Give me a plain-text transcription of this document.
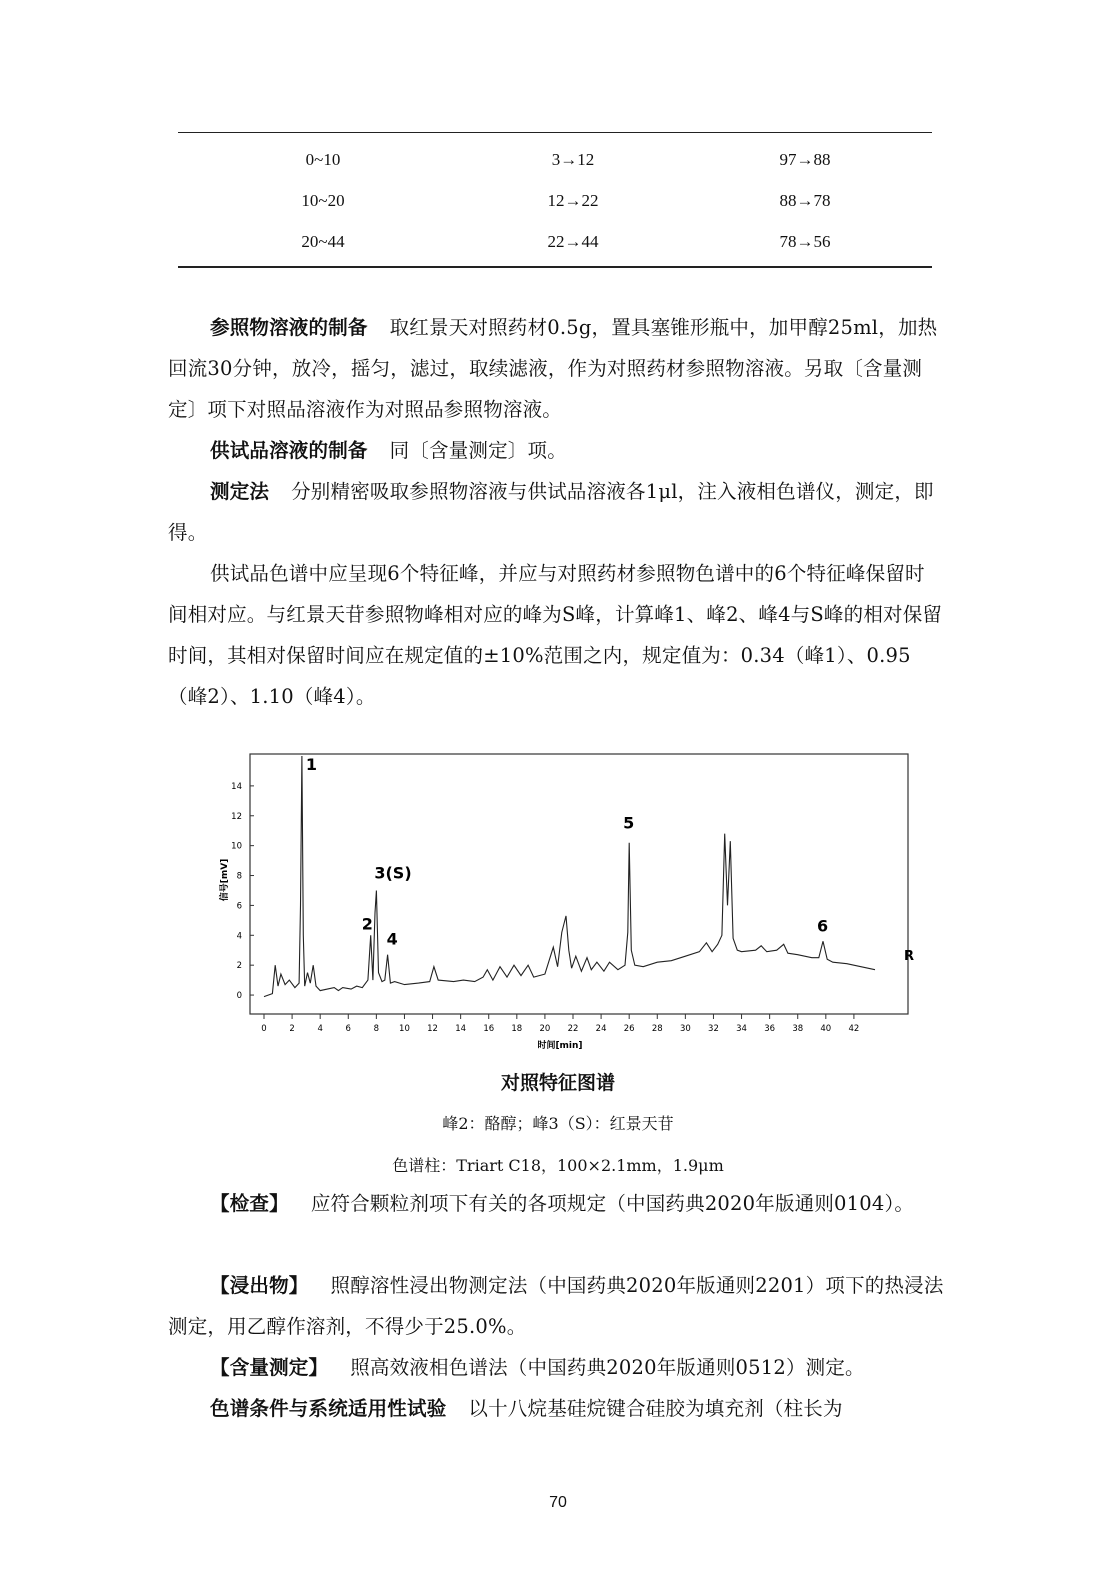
0~10	3→12	97→88
10~20	12→22	88→78
20~44	22→44	78→56

参照物溶液的制备 取红景天对照药材0.5g，置具塞锥形瓶中，加甲醇25ml，加热回流30分钟，放冷，摇匀，滤过，取续滤液，作为对照药材参照物溶液。另取〔含量测定〕项下对照品溶液作为对照品参照物溶液。

供试品溶液的制备 同〔含量测定〕项。

测定法 分别精密吸取参照物溶液与供试品溶液各1μl，注入液相色谱仪，测定，即得。

供试品色谱中应呈现6个特征峰，并应与对照药材参照物色谱中的6个特征峰保留时间相对应。与红景天苷参照物峰相对应的峰为S峰，计算峰1、峰2、峰4与S峰的相对保留时间，其相对保留时间应在规定值的±10%范围之内，规定值为：0.34（峰1）、0.95（峰2）、1.10（峰4）。

0
2
4
6
8
10
12
14
0	2	4	6	8 10 12 14 16 18 20 22 24 26 28 30 32 34 36 38 40 42
1
2
3(S)
4
5
6
R
时间[min]
信号[mV]
对照特征图谱
峰2：酪醇；峰3（S）：红景天苷
色谱柱：Triart C18，100×2.1mm，1.9μm

【检查】 应符合颗粒剂项下有关的各项规定（中国药典2020年版通则0104）。

【浸出物】 照醇溶性浸出物测定法（中国药典2020年版通则2201）项下的热浸法测定，用乙醇作溶剂，不得少于25.0%。

【含量测定】 照高效液相色谱法（中国药典2020年版通则0512）测定。

色谱条件与系统适用性试验 以十八烷基硅烷键合硅胶为填充剂（柱长为

70
